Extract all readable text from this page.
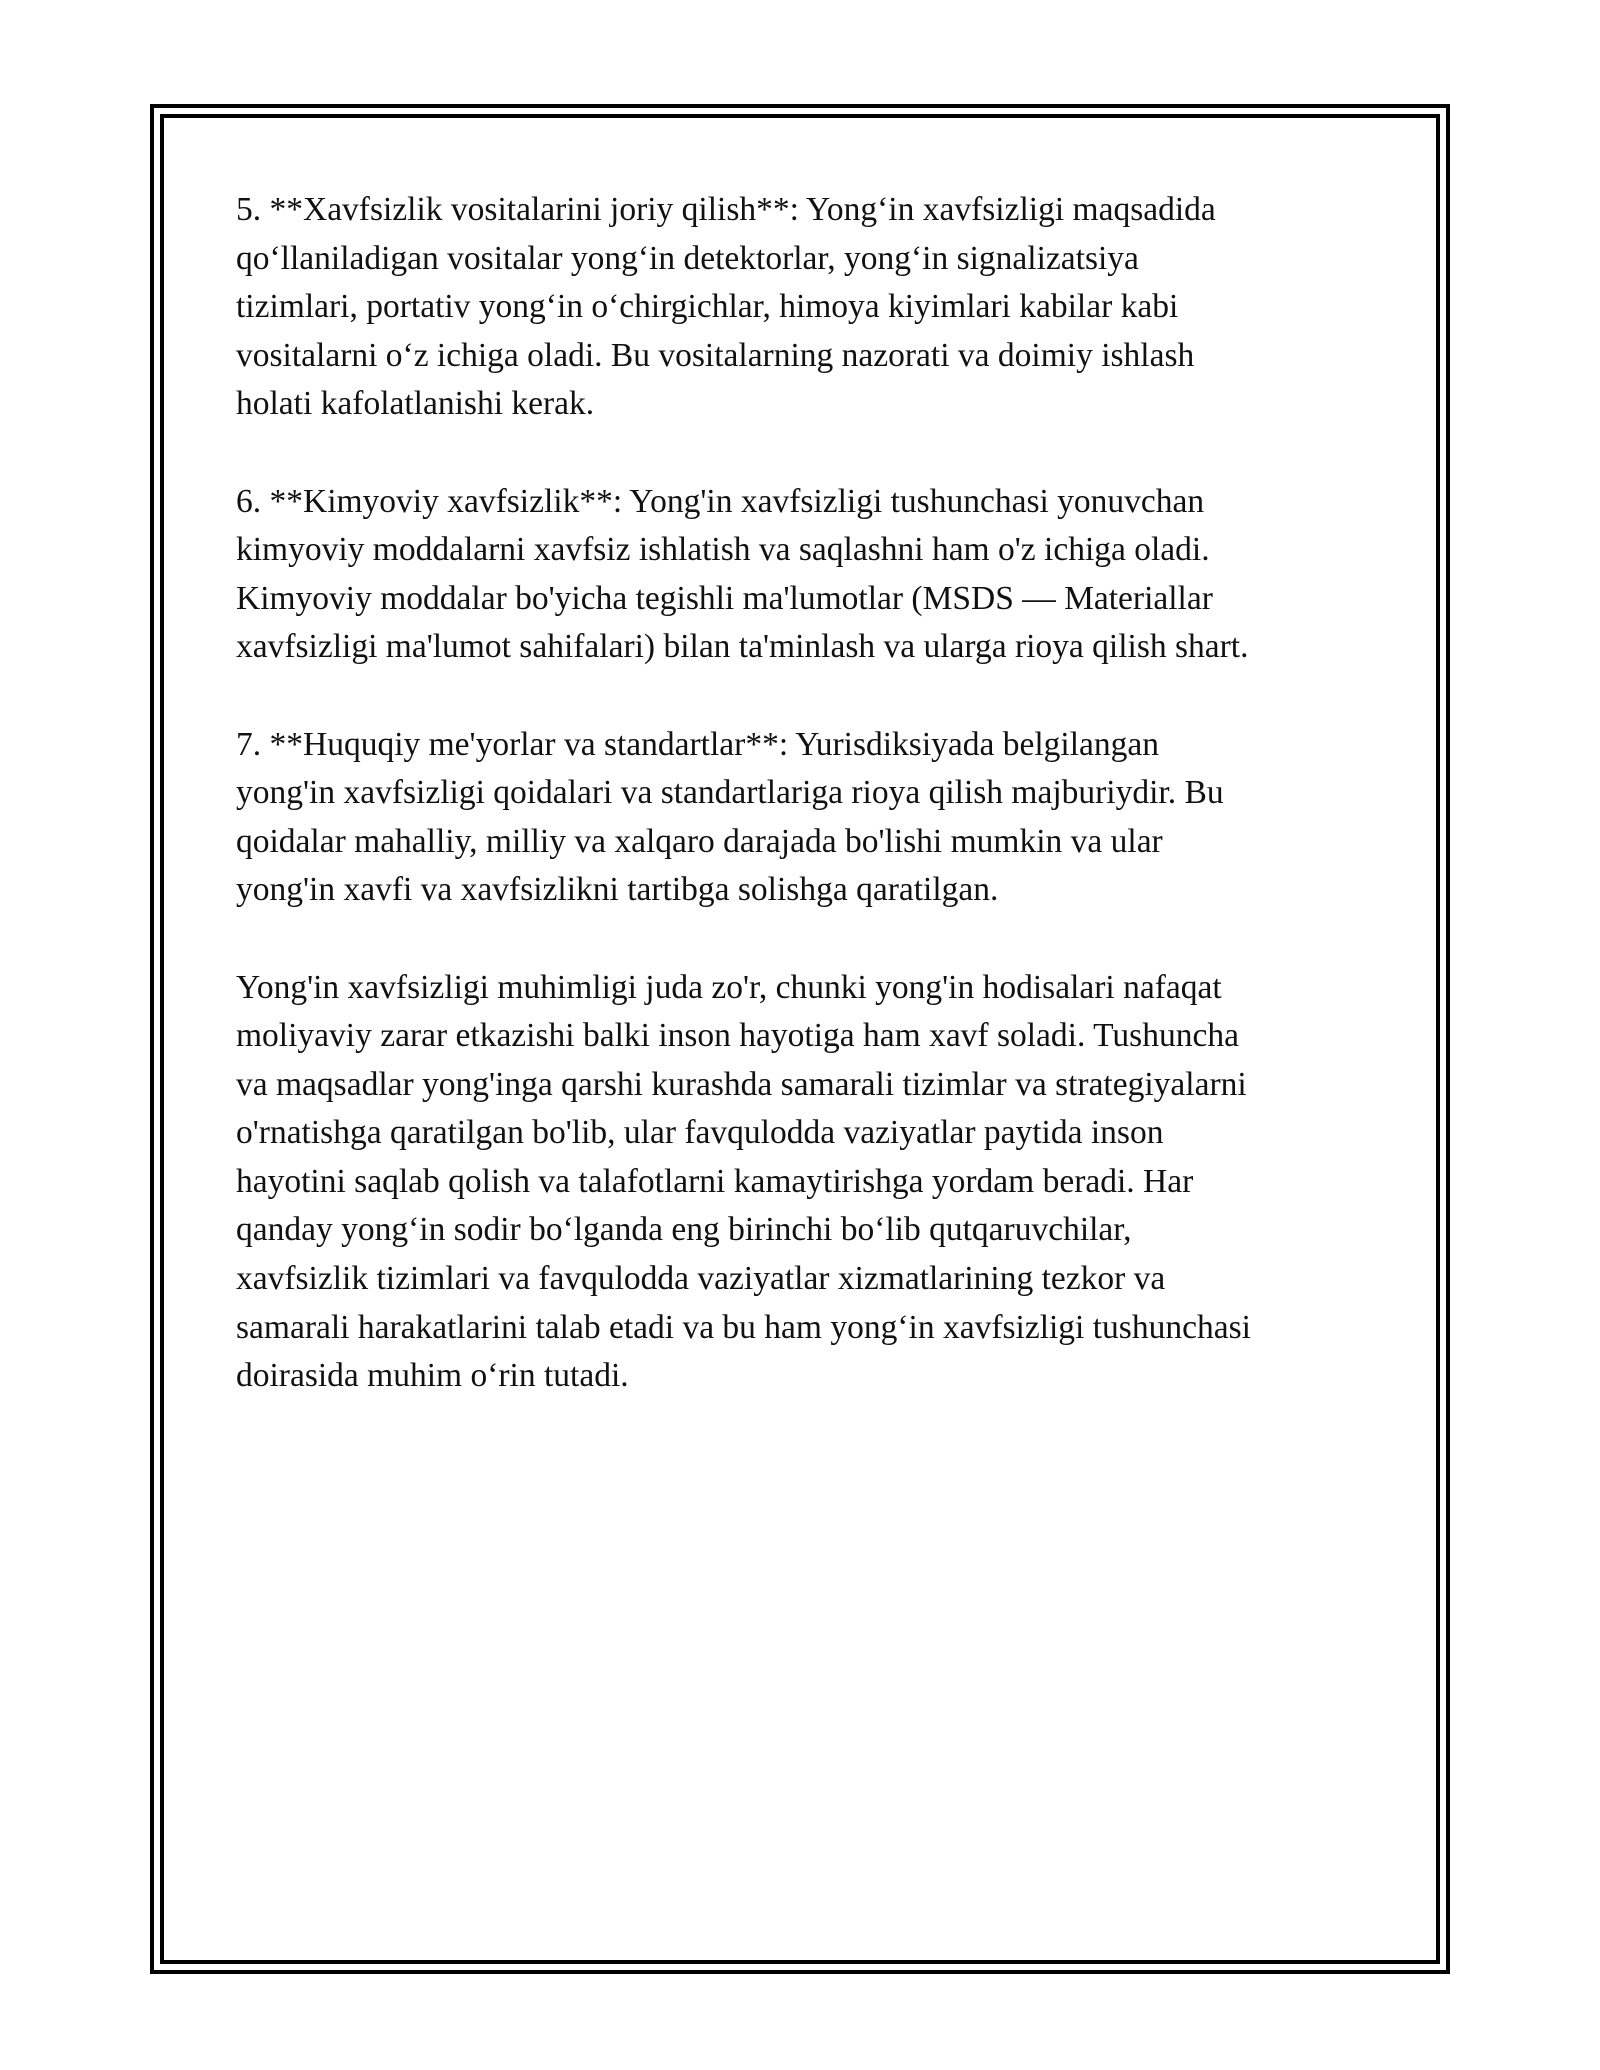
5. **Xavfsizlik vositalarini joriy qilish**: Yong‘in xavfsizligi maqsadida
qo‘llaniladigan vositalar yong‘in detektorlar, yong‘in signalizatsiya
tizimlari, portativ yong‘in o‘chirgichlar, himoya kiyimlari kabilar kabi
vositalarni o‘z ichiga oladi. Bu vositalarning nazorati va doimiy ishlash
holati kafolatlanishi kerak.

6. **Kimyoviy xavfsizlik**: Yong'in xavfsizligi tushunchasi yonuvchan
kimyoviy moddalarni xavfsiz ishlatish va saqlashni ham o'z ichiga oladi.
Kimyoviy moddalar bo'yicha tegishli ma'lumotlar (MSDS — Materiallar
xavfsizligi ma'lumot sahifalari) bilan ta'minlash va ularga rioya qilish shart.

7. **Huquqiy me'yorlar va standartlar**: Yurisdiksiyada belgilangan
yong'in xavfsizligi qoidalari va standartlariga rioya qilish majburiydir. Bu
qoidalar mahalliy, milliy va xalqaro darajada bo'lishi mumkin va ular
yong'in xavfi va xavfsizlikni tartibga solishga qaratilgan.

Yong'in xavfsizligi muhimligi juda zo'r, chunki yong'in hodisalari nafaqat
moliyaviy zarar etkazishi balki inson hayotiga ham xavf soladi. Tushuncha
va maqsadlar yong'inga qarshi kurashda samarali tizimlar va strategiyalarni
o'rnatishga qaratilgan bo'lib, ular favqulodda vaziyatlar paytida inson
hayotini saqlab qolish va talafotlarni kamaytirishga yordam beradi. Har
qanday yong‘in sodir bo‘lganda eng birinchi bo‘lib qutqaruvchilar,
xavfsizlik tizimlari va favqulodda vaziyatlar xizmatlarining tezkor va
samarali harakatlarini talab etadi va bu ham yong‘in xavfsizligi tushunchasi
doirasida muhim o‘rin tutadi.
